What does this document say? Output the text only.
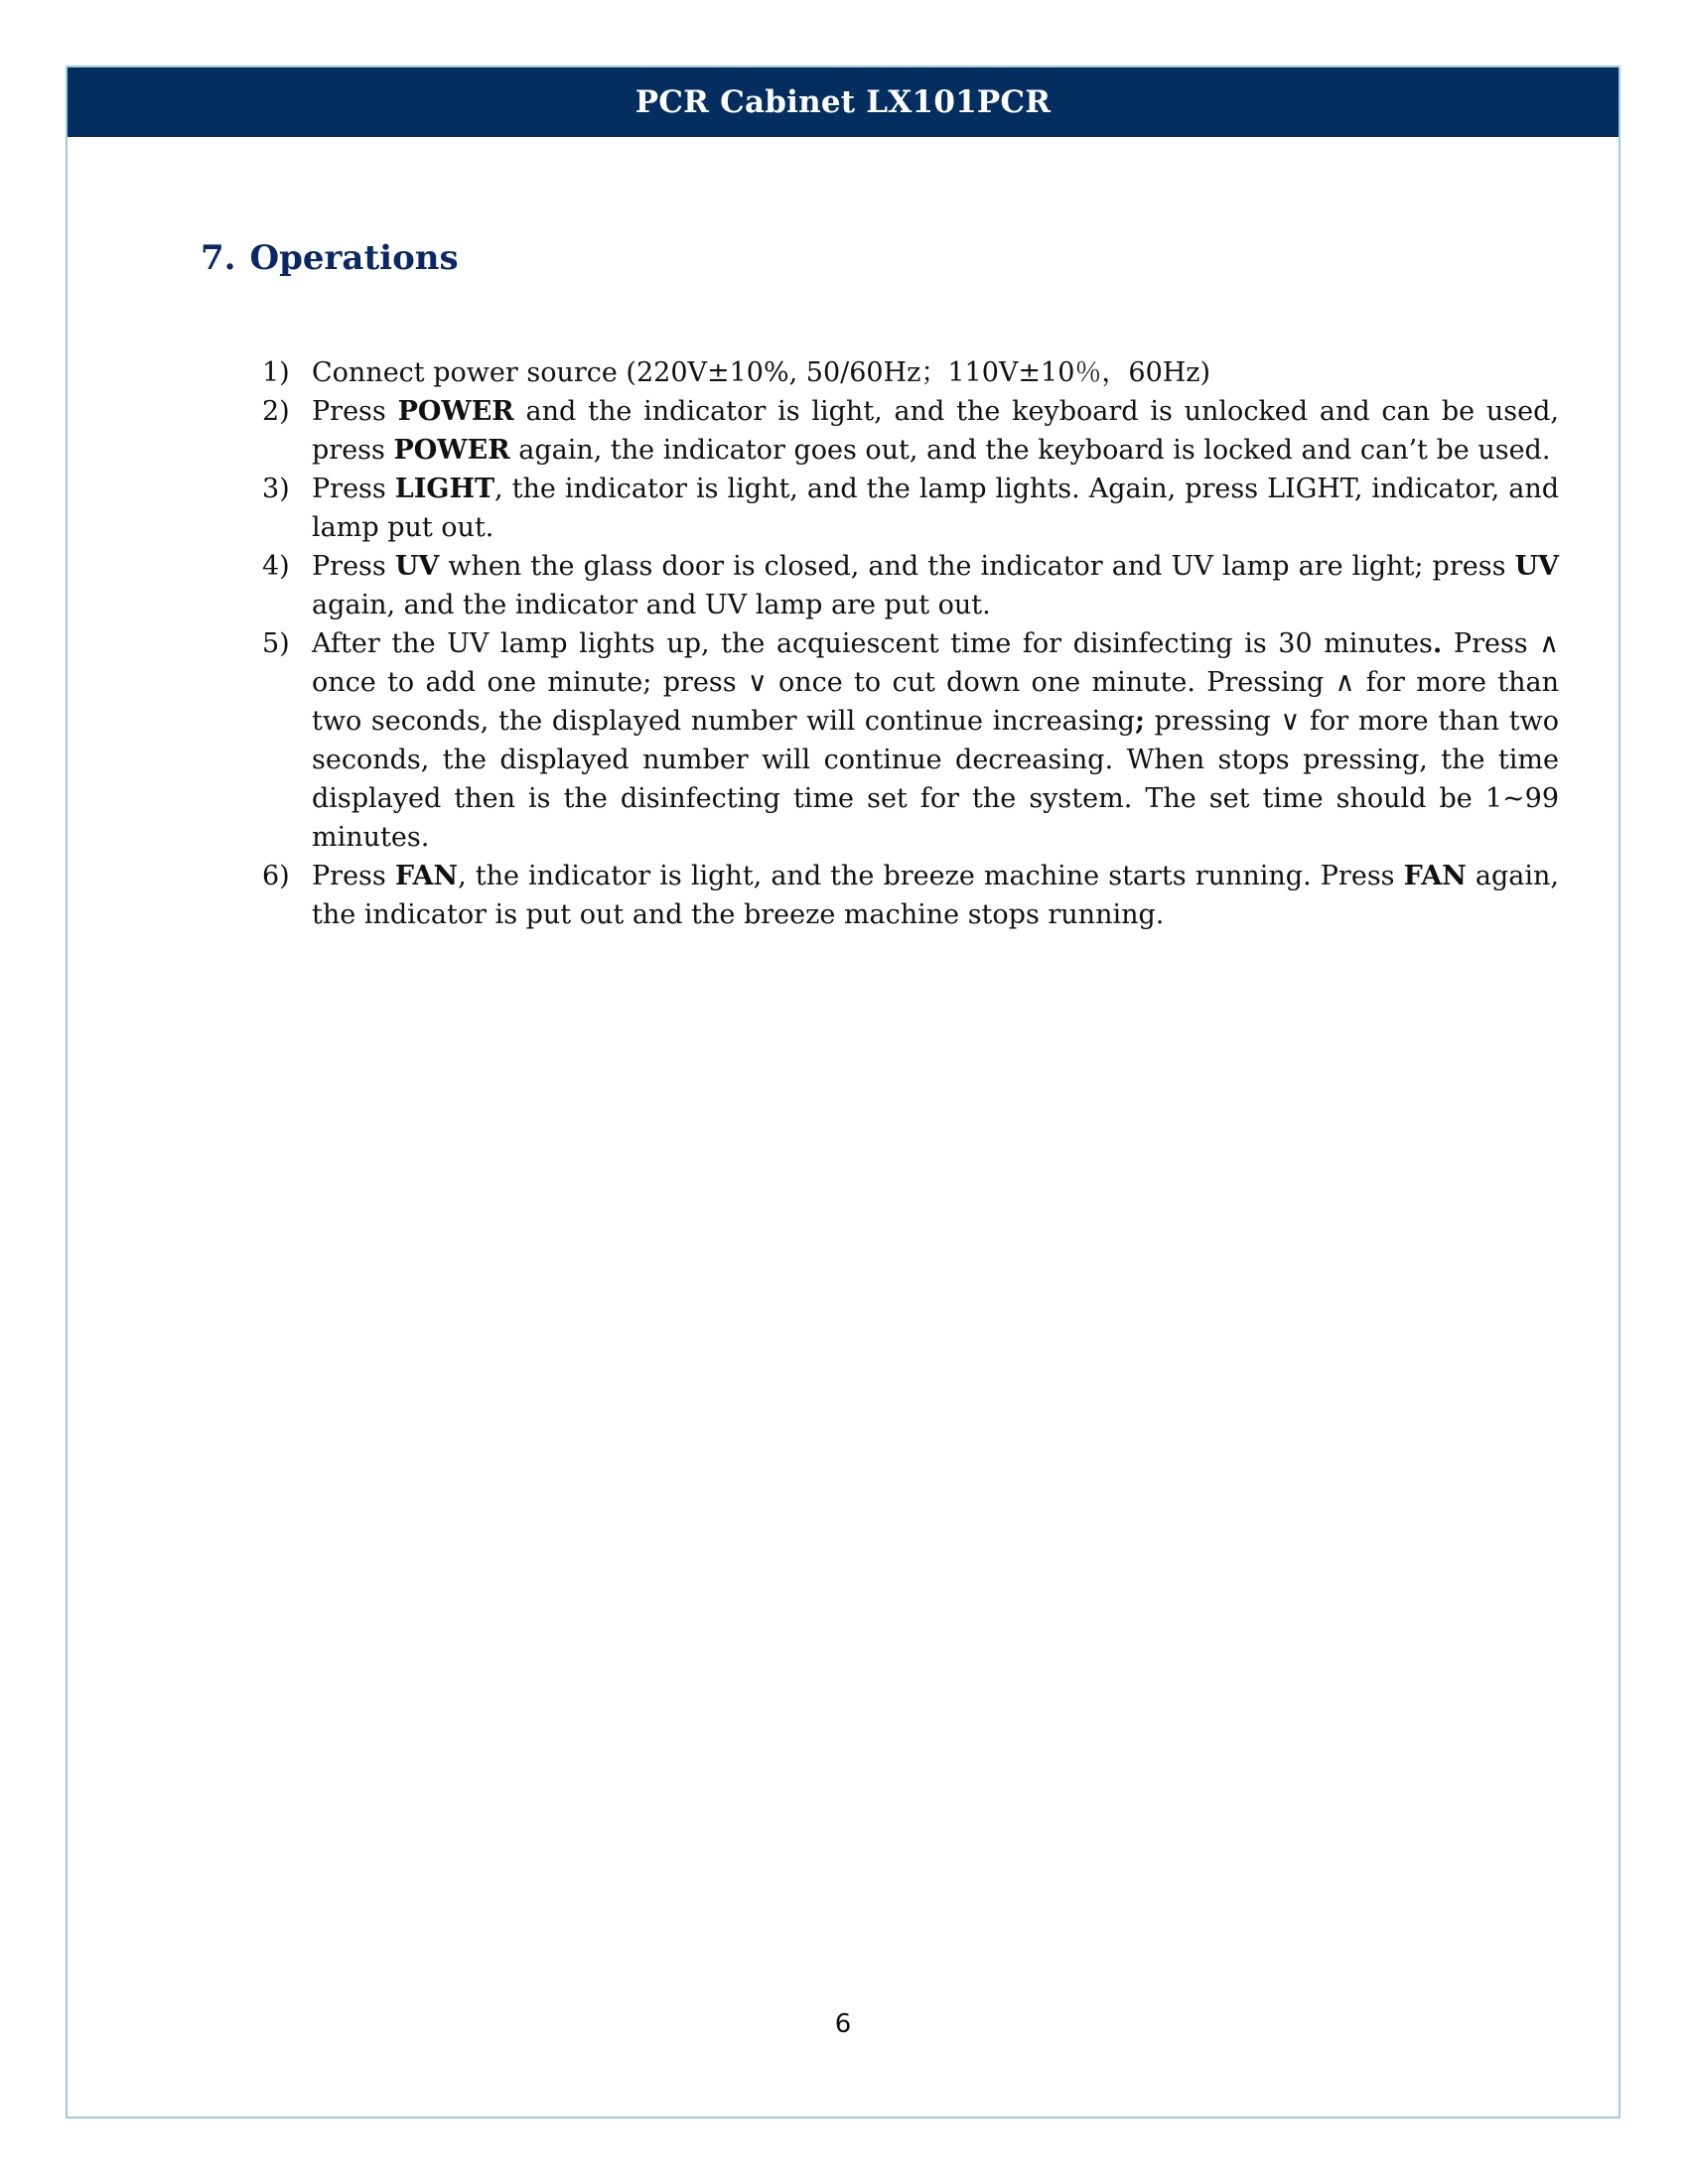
PCR Cabinet LX101PCR
7. Operations
1) Connect power source (220V±10%, 50/60Hz；110V±10％，60Hz)

2) Press POWER and the indicator is light, and the keyboard is unlocked and can be used, press POWER again, the indicator goes out, and the keyboard is locked and can’t be used.

3) Press LIGHT, the indicator is light, and the lamp lights. Again, press LIGHT, indicator, and lamp put out.

4) Press UV when the glass door is closed, and the indicator and UV lamp are light; press UV again, and the indicator and UV lamp are put out.

5) After the UV lamp lights up, the acquiescent time for disinfecting is 30 minutes. Press ∧ once to add one minute; press ∨ once to cut down one minute. Pressing ∧ for more than two seconds, the displayed number will continue increasing; pressing ∨ for more than two seconds, the displayed number will continue decreasing. When stops pressing, the time displayed then is the disinfecting time set for the system. The set time should be 1~99 minutes.

6) Press FAN, the indicator is light, and the breeze machine starts running. Press FAN again, the indicator is put out and the breeze machine stops running.

6
